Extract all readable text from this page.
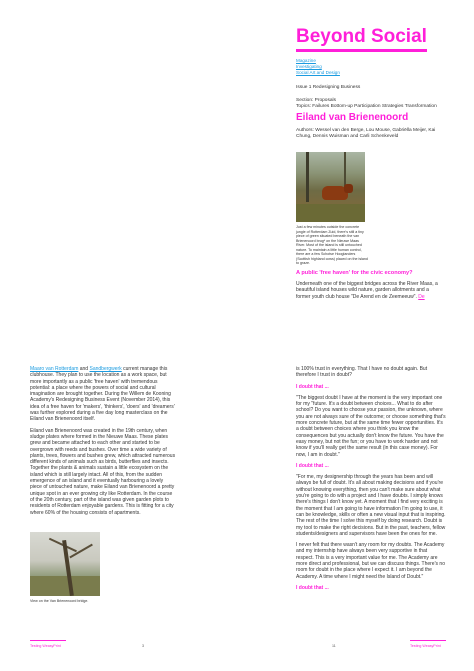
Beyond Social
Magazine
Investigating
Social Art and Design
Issue 1 Redesigning Business
Section: Proposals
Topics: Failures Bottom-up Participation Strategies Transformation
Eiland van Brienenoord
Authors: Wessel van den Berge, Lou Mouse, Gabriëlla Meijer, Kai Chung, Dennis Wuisman and Carli Schenkeveld
Just a few minutes outside the concrete jungle of Rotterdam Zuid, there's still a tiny piece of green situated beneath the van Brienenoord brug* on the Nieuwe Maas River. Most of the island is still untouched nature. To maintain a little human control, there are a few Schotse Hooglanders (Scottish highland cows) placed on the island to graze.
A public 'free haven' for the civic economy?
Underneath one of the biggest bridges across the River Maas, a beautiful island houses wild nature, garden allotments and a former youth club house "De Arend en de Zeemeeuw". De

Maaro van Rotterdam and Sandbergwerk current manage this clubhouse. They plan to use the location as a work space, but more importantly as a public 'free haven' with tremendous potential: a place where the powers of social and cultural imagination are brought together. During the Willem de Kooning Academy's Redesigning Business Event (November 2014), this idea of a free haven for 'makers', 'thinkers', 'doers' and 'dreamers' was further explored during a five day long masterclass on the Eiland van Brienenoord itself.

Eiland van Brienenoord was created in the 19th century, when sludge plates where formed in the Nieuwe Maas. These plates grew and became attached to each other and started to be overgrown with reeds and bushes. Over time a wide variety of plants, trees, flowers and bushes grew, which attracted numerous different kinds of animals such as birds, butterflies and insects. Together the plants & animals sustain a little ecosystem on the island which is still largely intact. All of this, from the sudden emergence of an island and it eventually harbouring a lovely piece of untouched nature, make Eiland van Brienenoord a pretty unique spot in an ever growing city like Rotterdam. In the course of the 20th century, part of the island was given garden plots to residents of Rotterdam enjoyable gardens. This is fitting for a city where 60% of the housing consists of apartments.

View on the Van Brienenoord bridge.

is 100% trust in everything. That I have no doubt again. But therefore I trust in doubt?

I doubt that ...

"The biggest doubt I have at the moment is the very important one for my "future. It's a doubt between choices... What to do after school? Do you want to choose your passion, the unknown, where you are not always sure of the outcome; or choose something that's more concrete future, but at the same time fewer opportunities. It's a doubt between choices where you think you know the consequences but you actually don't know the future. You have the easy money, but not the fun; or you have to work harder and not know if you'll really get the same result (in this case money). For now, I am in doubt."

I doubt that ...

"For me, my designership through the years has been and will always be full of doubt. It's all about making decisions and if you're without knowing everything, then you can't make sure about what you're going to do with a project and I have doubts. I simply knows there's things I don't know yet. A moment that I find very exciting is the moment that I am going to have information I'm going to use, it can be knowledge, skills or often a new visual input that is inspiring. The rest of the time I solve this myself by doing research. Doubt is my tool to make the right decisions. But in the past, teachers, fellow students/designers and supervisors have been the ones for me.

I never felt that there wasn't any room for my doubts. The Academy and my internship have always been very supportive in that respect. This is a very important value for me. The Academy are more direct and professional, but we can discuss things. There's no room for doubt in the place where I expect it. I am beyond the Academy. A time where I might need the Island of Doubt."

I doubt that ...

Testing WeasyPrint	3	11	Testing WeasyPrint
